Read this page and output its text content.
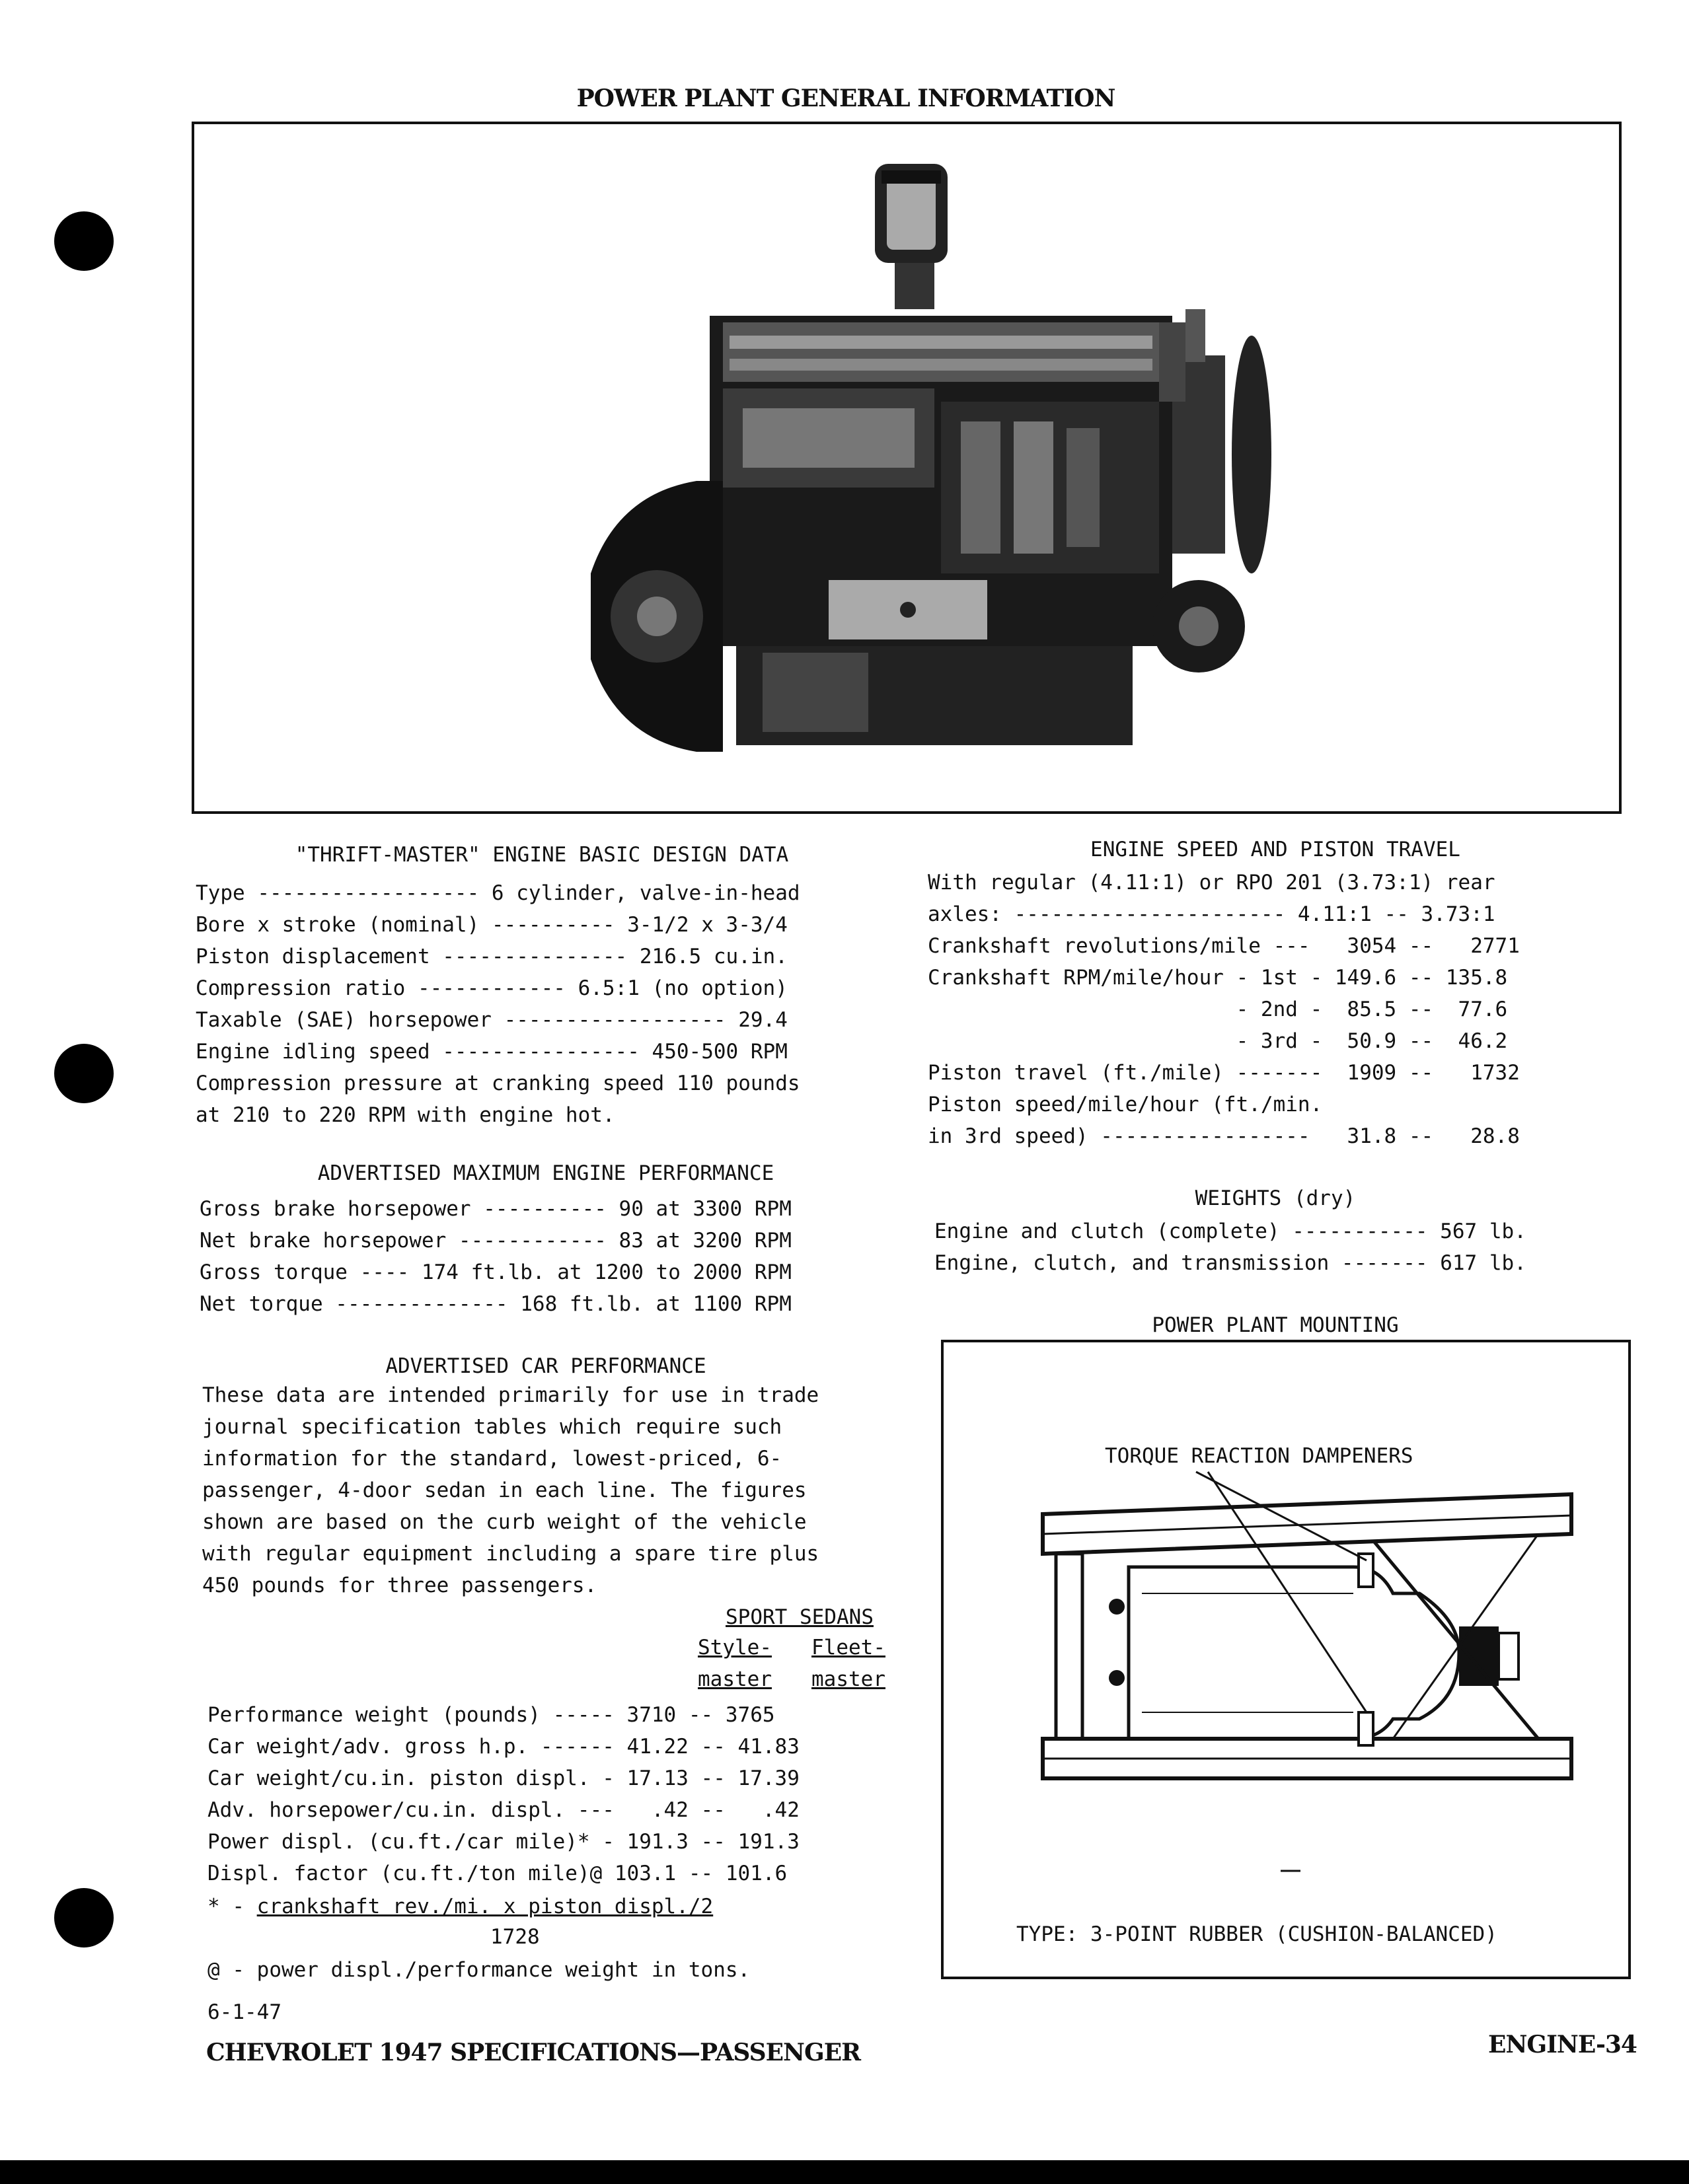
POWER PLANT GENERAL INFORMATION
"THRIFT-MASTER" ENGINE BASIC DESIGN DATA
Type ------------------ 6 cylinder, valve-in-head
Bore x stroke (nominal) ---------- 3-1/2 x 3-3/4
Piston displacement --------------- 216.5 cu.in.
Compression ratio ------------ 6.5:1 (no option)
Taxable (SAE) horsepower ------------------ 29.4
Engine idling speed ---------------- 450-500 RPM
Compression pressure at cranking speed 110 pounds
at 210 to 220 RPM with engine hot.
ADVERTISED MAXIMUM ENGINE PERFORMANCE
Gross brake horsepower ---------- 90 at 3300 RPM
Net brake horsepower ------------ 83 at 3200 RPM
Gross torque ---- 174 ft.lb. at 1200 to 2000 RPM
Net torque -------------- 168 ft.lb. at 1100 RPM
ADVERTISED CAR PERFORMANCE
These data are intended primarily for use in trade
journal specification tables which require such
information for the standard, lowest-priced, 6-
passenger, 4-door sedan in each line. The figures
shown are based on the curb weight of the vehicle
with regular equipment including a spare tire plus
450 pounds for three passengers.
SPORT SEDANS
Style- Fleet-
master master
Performance weight (pounds) ----- 3710 -- 3765
Car weight/adv. gross h.p. ------ 41.22 -- 41.83
Car weight/cu.in. piston displ. - 17.13 -- 17.39
Adv. horsepower/cu.in. displ. ---   .42 --   .42
Power displ. (cu.ft./car mile)* - 191.3 -- 191.3
Displ. factor (cu.ft./ton mile)@ 103.1 -- 101.6
* - crankshaft rev./mi. x piston displ./2
1728
@ - power displ./performance weight in tons.
6-1-47
ENGINE SPEED AND PISTON TRAVEL
With regular (4.11:1) or RPO 201 (3.73:1) rear
axles: ---------------------- 4.11:1 -- 3.73:1
Crankshaft revolutions/mile ---   3054 --   2771
Crankshaft RPM/mile/hour - 1st - 149.6 -- 135.8
- 2nd -  85.5 --  77.6
- 3rd -  50.9 --  46.2
Piston travel (ft./mile) -------  1909 --   1732
Piston speed/mile/hour (ft./min.
in 3rd speed) -----------------   31.8 --   28.8
WEIGHTS (dry)
Engine and clutch (complete) ----------- 567 lb.
Engine, clutch, and transmission ------- 617 lb.
POWER PLANT MOUNTING
TORQUE REACTION DAMPENERS
TYPE: 3-POINT RUBBER (CUSHION-BALANCED)
CHEVROLET 1947 SPECIFICATIONS—PASSENGER	ENGINE-34
